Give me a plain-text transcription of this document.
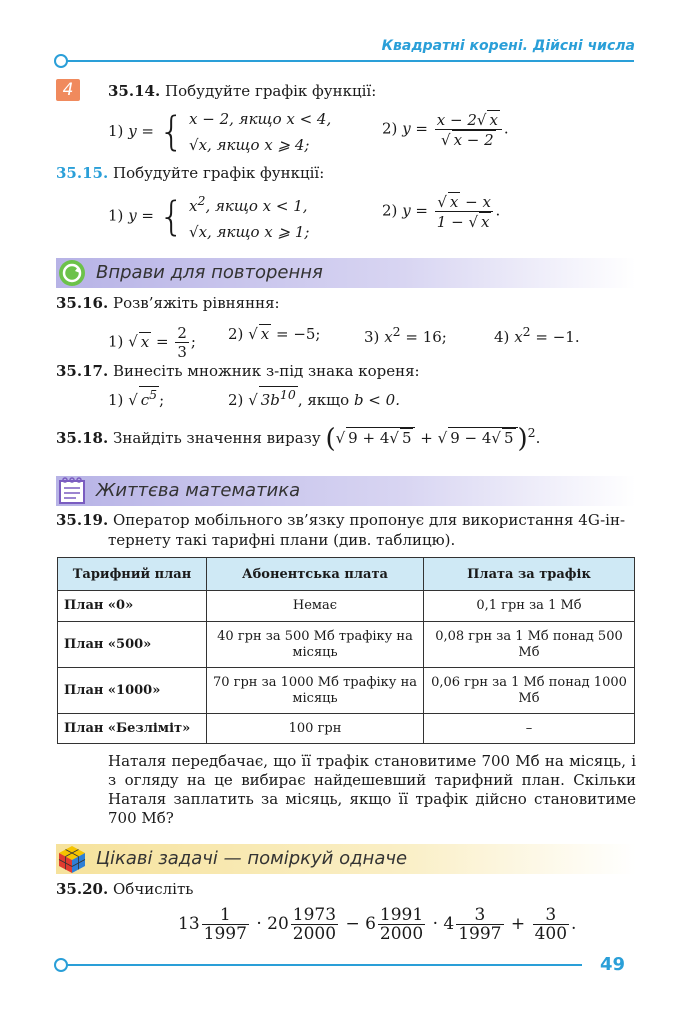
Квадратні корені. Дійсні числа
4	35.14. Побудуйте графік функції:
1) y = { x − 2, якщо x < 4,
√x, якщо x ⩾ 4;
2) $y = \frac{x - 2√ x}{√ x - 2}$ .
35.15. Побудуйте графік функції:
1) y = { $x^2$, якщо x < 1,
√x, якщо x ⩾ 1;
2) $y = \frac{√ x - x}{1 - √ x}$ .
Вправи для повторення
35.16. Розв’яжіть рівняння:
1) √ $x = \frac{2}{3}$ ; 2) √ x = −5;	3) $x^2 = 16$;	4) $x^2 = -1$.
35.17. Винесіть множник з-під знака кореня:
1) √ $c^5$ ;	2) √ $3b^{10}$ , якщо b < 0.
35.18. Знайдіть значення виразу (√ 9 + 4√ 5 + √ 9 − 4√ 5 )$^2$.
Життєва математика
35.19. Оператор мобільного зв’язку пропонує для використання 4G-ін-
тернету такі тарифні плани (див. таблицю).
Тарифний план	Абонентська плата	Плата за трафік
План «0»	Немає	0,1 грн за 1 Мб
План «500»	40 грн за 500 Мб трафіку на місяць	0,08 грн за 1 Мб понад 500 Мб
План «1000»	70 грн за 1000 Мб трафіку на місяць	0,06 грн за 1 Мб понад 1000 Мб
План «Безліміт»	100 грн	–
Наталя передбачає, що її трафік становитиме 700 Мб на місяць, і з огляду на це вибирає найдешевший тарифний план. Скільки Наталя заплатить за місяць, якщо її трафік дійсно становитиме 700 Мб?
Цікаві задачі — поміркуй одначе
35.20. Обчисліть
$13 \frac{1}{1997} \cdot 20 \frac{1973}{2000} - 6 \frac{1991}{2000} \cdot 4 \frac{3}{1997} + \frac{3}{400}$ .
49
